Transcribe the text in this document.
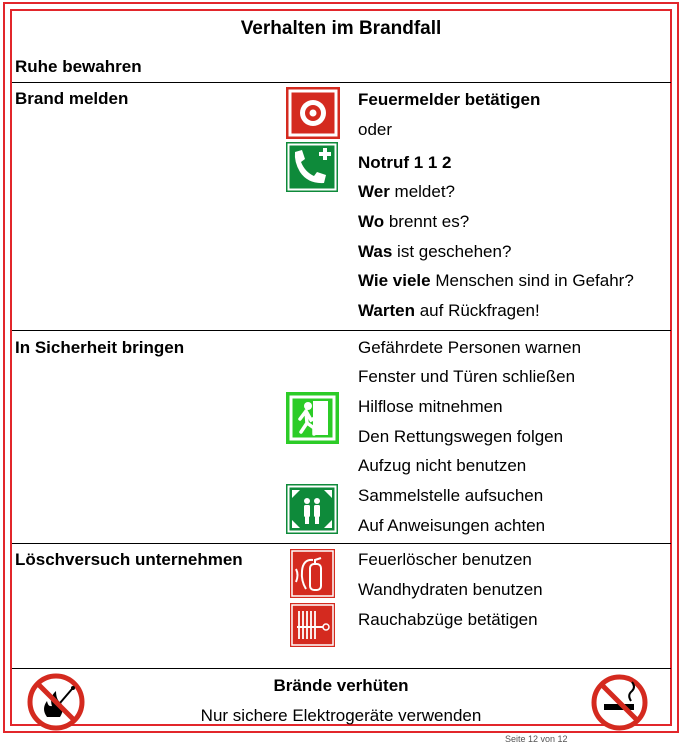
Verhalten im Brandfall
Ruhe bewahren
Brand melden	Feuermelder betätigen
oder
Notruf 1 1 2
Wer meldet?
Wo brennt es?
Was ist geschehen?
Wie viele Menschen sind in Gefahr?
Warten auf Rückfragen!
In Sicherheit bringen	Gefährdete Personen warnen
Fenster und Türen schließen
Hilflose mitnehmen
Den Rettungswegen folgen
Aufzug nicht benutzen
Sammelstelle aufsuchen
Auf Anweisungen achten
Löschversuch unternehmen	Feuerlöscher benutzen
Wandhydraten benutzen
Rauchabzüge betätigen
Brände verhüten
Nur sichere Elektrogeräte verwenden
Seite 12 von 12
